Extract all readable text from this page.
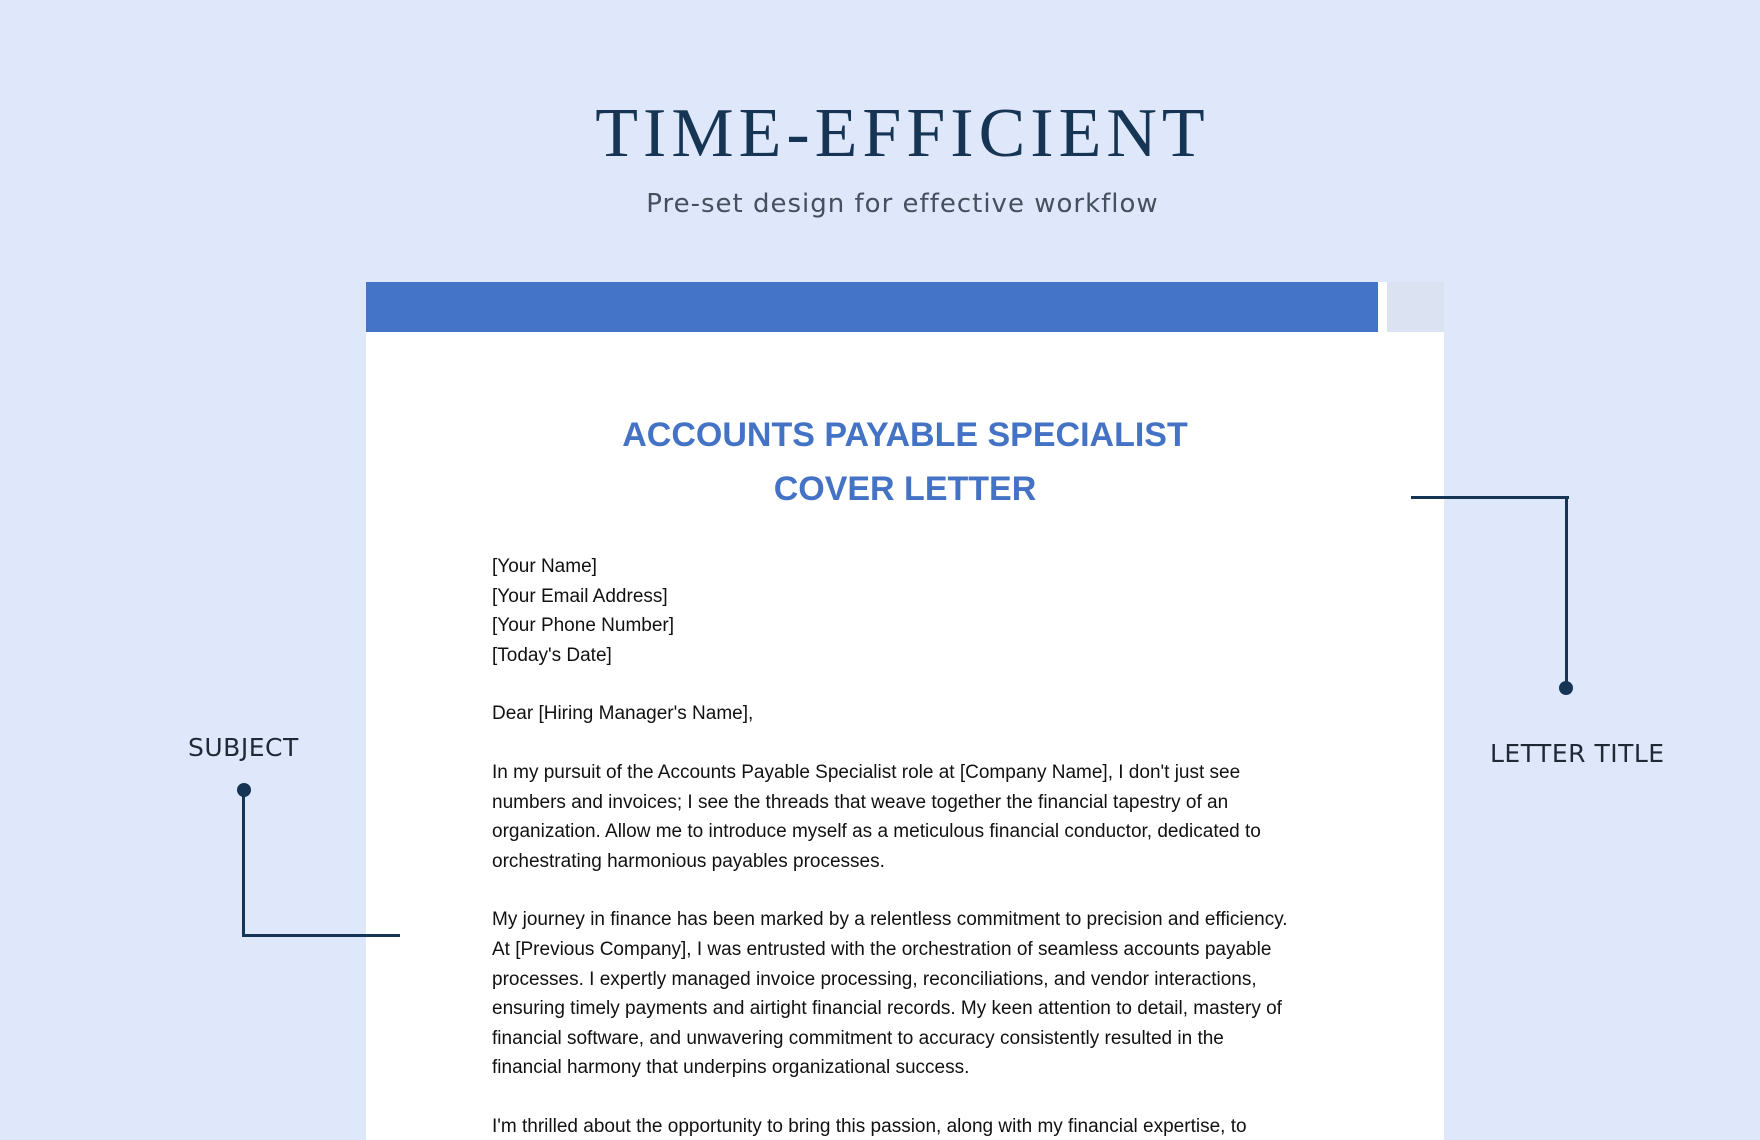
TIME-EFFICIENT
Pre-set design for effective workflow
ACCOUNTS PAYABLE SPECIALIST
COVER LETTER
[Your Name]
[Your Email Address]
[Your Phone Number]
[Today's Date]

Dear [Hiring Manager's Name],

In my pursuit of the Accounts Payable Specialist role at [Company Name], I don't just see
numbers and invoices; I see the threads that weave together the financial tapestry of an
organization. Allow me to introduce myself as a meticulous financial conductor, dedicated to
orchestrating harmonious payables processes.

My journey in finance has been marked by a relentless commitment to precision and efficiency.
At [Previous Company], I was entrusted with the orchestration of seamless accounts payable
processes. I expertly managed invoice processing, reconciliations, and vendor interactions,
ensuring timely payments and airtight financial records. My keen attention to detail, mastery of
financial software, and unwavering commitment to accuracy consistently resulted in the
financial harmony that underpins organizational success.

I'm thrilled about the opportunity to bring this passion, along with my financial expertise, to

SUBJECT	LETTER TITLE
